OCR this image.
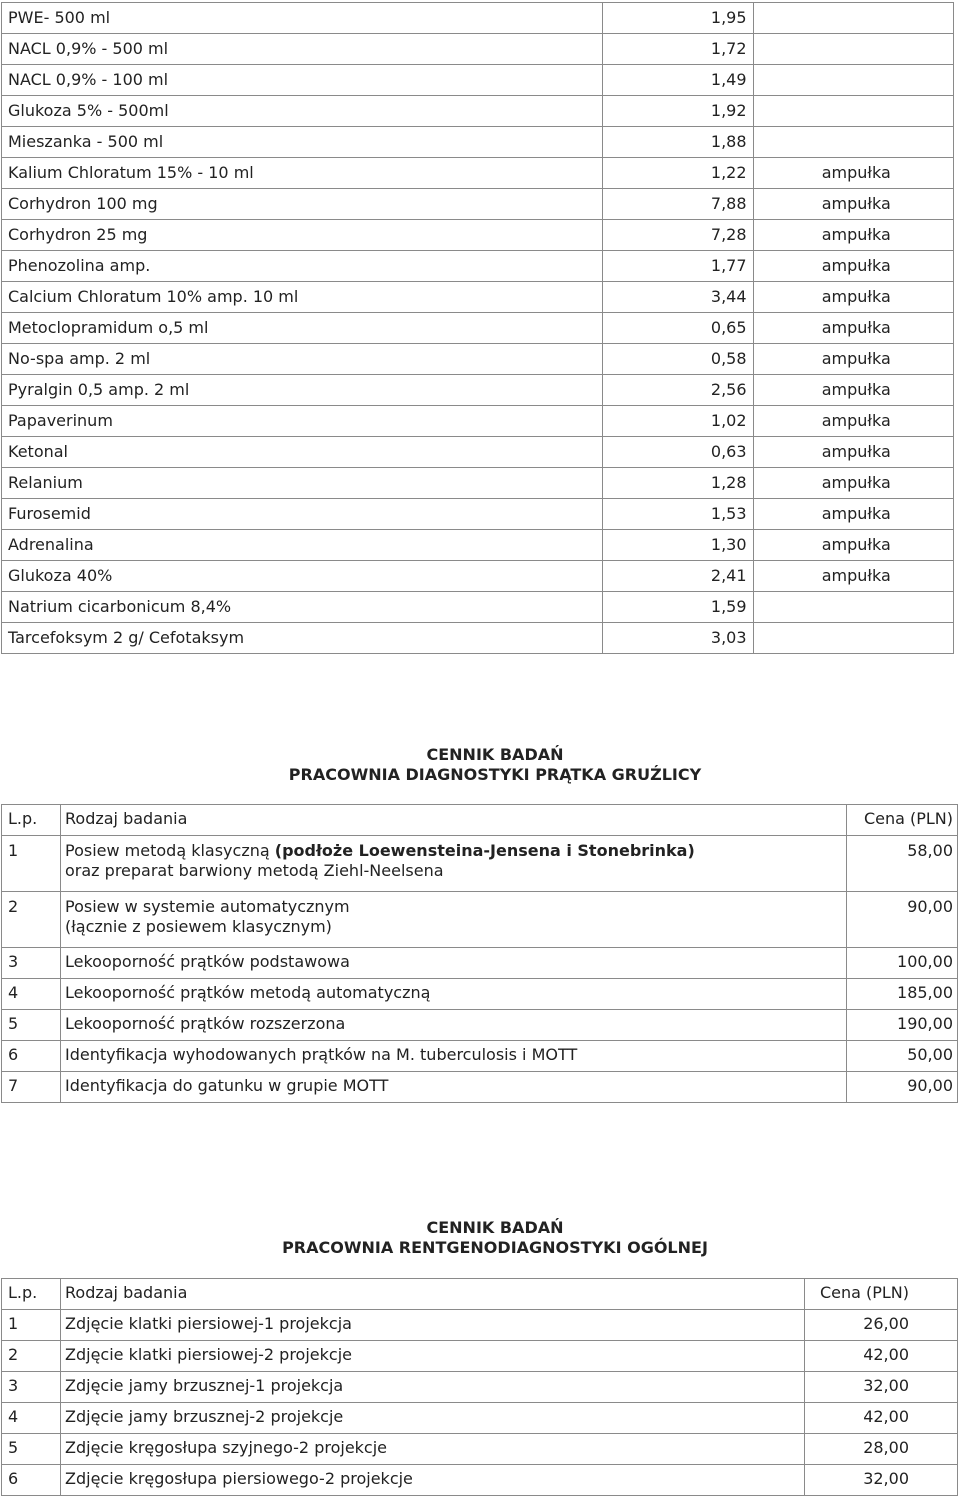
PWE- 500 ml	1,95	
NACL 0,9% - 500 ml	1,72	
NACL 0,9% - 100 ml	1,49	
Glukoza 5% - 500ml	1,92	
Mieszanka - 500 ml	1,88	
Kalium Chloratum 15% - 10 ml	1,22	ampułka
Corhydron 100 mg	7,88	ampułka
Corhydron 25 mg	7,28	ampułka
Phenozolina amp.	1,77	ampułka
Calcium Chloratum 10% amp. 10 ml	3,44	ampułka
Metoclopramidum o,5 ml	0,65	ampułka
No-spa amp. 2 ml	0,58	ampułka
Pyralgin 0,5 amp. 2 ml	2,56	ampułka
Papaverinum	1,02	ampułka
Ketonal	0,63	ampułka
Relanium	1,28	ampułka
Furosemid	1,53	ampułka
Adrenalina	1,30	ampułka
Glukoza 40%	2,41	ampułka
Natrium cicarbonicum 8,4%	1,59	
Tarcefoksym 2 g/ Cefotaksym	3,03	
CENNIK BADAŃ
PRACOWNIA DIAGNOSTYKI PRĄTKA GRUŹLICY
L.p.	Rodzaj badania	Cena (PLN)
1	Posiew metodą klasyczną (podłoże Loewensteina-Jensena i Stonebrinka)
oraz preparat barwiony metodą Ziehl-Neelsena	58,00
2	Posiew w systemie automatycznym
(łącznie z posiewem klasycznym)	90,00
3	Lekooporność prątków podstawowa	100,00
4	Lekooporność prątków metodą automatyczną	185,00
5	Lekooporność prątków rozszerzona	190,00
6	Identyfikacja wyhodowanych prątków na M. tuberculosis i MOTT	50,00
7	Identyfikacja do gatunku w grupie MOTT	90,00
CENNIK BADAŃ
PRACOWNIA RENTGENODIAGNOSTYKI OGÓLNEJ
L.p.	Rodzaj badania	Cena (PLN)
1	Zdjęcie klatki piersiowej-1 projekcja	26,00
2	Zdjęcie klatki piersiowej-2 projekcje	42,00
3	Zdjęcie jamy brzusznej-1 projekcja	32,00
4	Zdjęcie jamy brzusznej-2 projekcje	42,00
5	Zdjęcie kręgosłupa szyjnego-2 projekcje	28,00
6	Zdjęcie kręgosłupa piersiowego-2 projekcje	32,00
